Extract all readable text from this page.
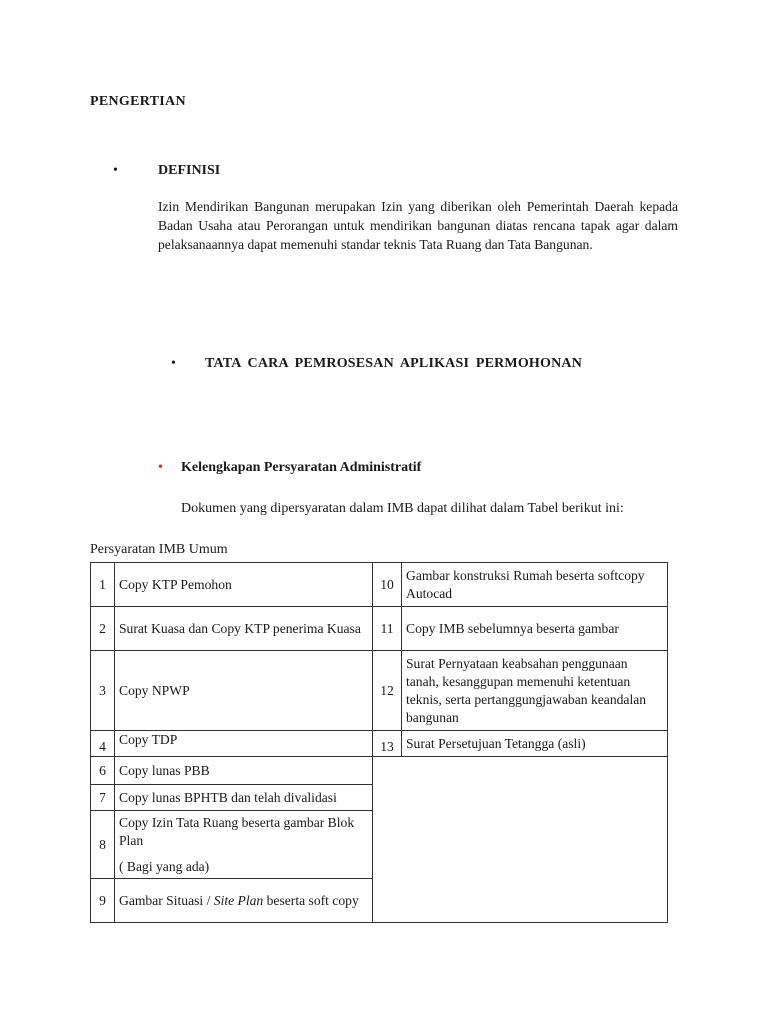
PENGERTIAN
•	DEFINISI
Izin Mendirikan Bangunan merupakan Izin yang diberikan oleh Pemerintah Daerah kepada Badan Usaha atau Perorangan untuk mendirikan bangunan diatas rencana tapak agar dalam pelaksanaannya dapat memenuhi standar teknis Tata Ruang dan Tata Bangunan.
• TATA CARA PEMROSESAN APLIKASI PERMOHONAN
• Kelengkapan Persyaratan Administratif
Dokumen yang dipersyaratan dalam IMB dapat dilihat dalam Tabel berikut ini:
Persyaratan IMB Umum
1	Copy KTP Pemohon	10	Gambar konstruksi Rumah beserta softcopy Autocad
2	Surat Kuasa dan Copy KTP penerima Kuasa	11	Copy IMB sebelumnya beserta gambar
3	Copy NPWP	12	Surat Pernyataan keabsahan penggunaan tanah, kesanggupan memenuhi ketentuan teknis, serta pertanggungjawaban keandalan bangunan
4	Copy TDP	13	Surat Persetujuan Tetangga (asli)
6	Copy lunas PBB		
7	Copy lunas BPHTB dan telah divalidasi		
8	Copy Izin Tata Ruang beserta gambar Blok Plan
( Bagi yang ada)		

9	Gambar Situasi / Site Plan beserta soft copy		
